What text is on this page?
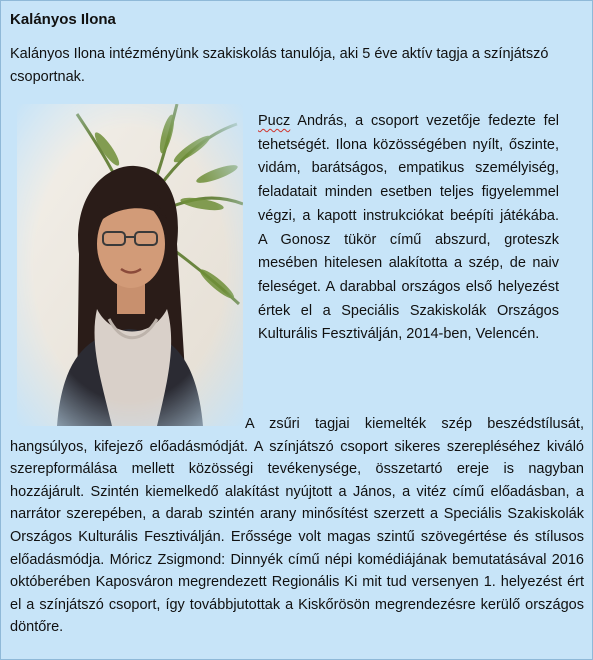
Kalányos Ilona
Kalányos Ilona intézményünk szakiskolás tanulója, aki 5 éve aktív tagja a színjátszó csoportnak.
Pucz András, a csoport vezetője fedezte fel tehetségét. Ilona közösségében nyílt, őszinte, vidám, barátságos, empatikus személyiség, feladatait minden esetben teljes figyelemmel végzi, a kapott instrukciókat beépíti játékába. A Gonosz tükör című abszurd, groteszk mesében hitelesen alakította a szép, de naiv feleséget. A darabbal országos első helyezést értek el a Speciális Szakiskolák Országos Kulturális Fesztiválján, 2014-ben, Velencén.
A zsűri tagjai kiemelték szép beszédstílusát, hangsúlyos, kifejező előadásmódját. A színjátszó csoport sikeres szerepléséhez kiváló szerepformálása mellett közösségi tevékenysége, összetartó ereje is nagyban hozzájárult. Szintén kiemelkedő alakítást nyújtott a János, a vitéz című előadásban, a narrátor szerepében, a darab szintén arany minősítést szerzett a Speciális Szakiskolák Országos Kulturális Fesztiválján. Erőssége volt magas szintű szövegértése és stílusos előadásmódja. Móricz Zsigmond: Dinnyék című népi komédiájának bemutatásával 2016 októberében Kaposváron megrendezett Regionális Ki mit tud versenyen 1. helyezést ért el a színjátszó csoport, így továbbjutottak a Kiskőrösön megrendezésre kerülő országos döntőre.
